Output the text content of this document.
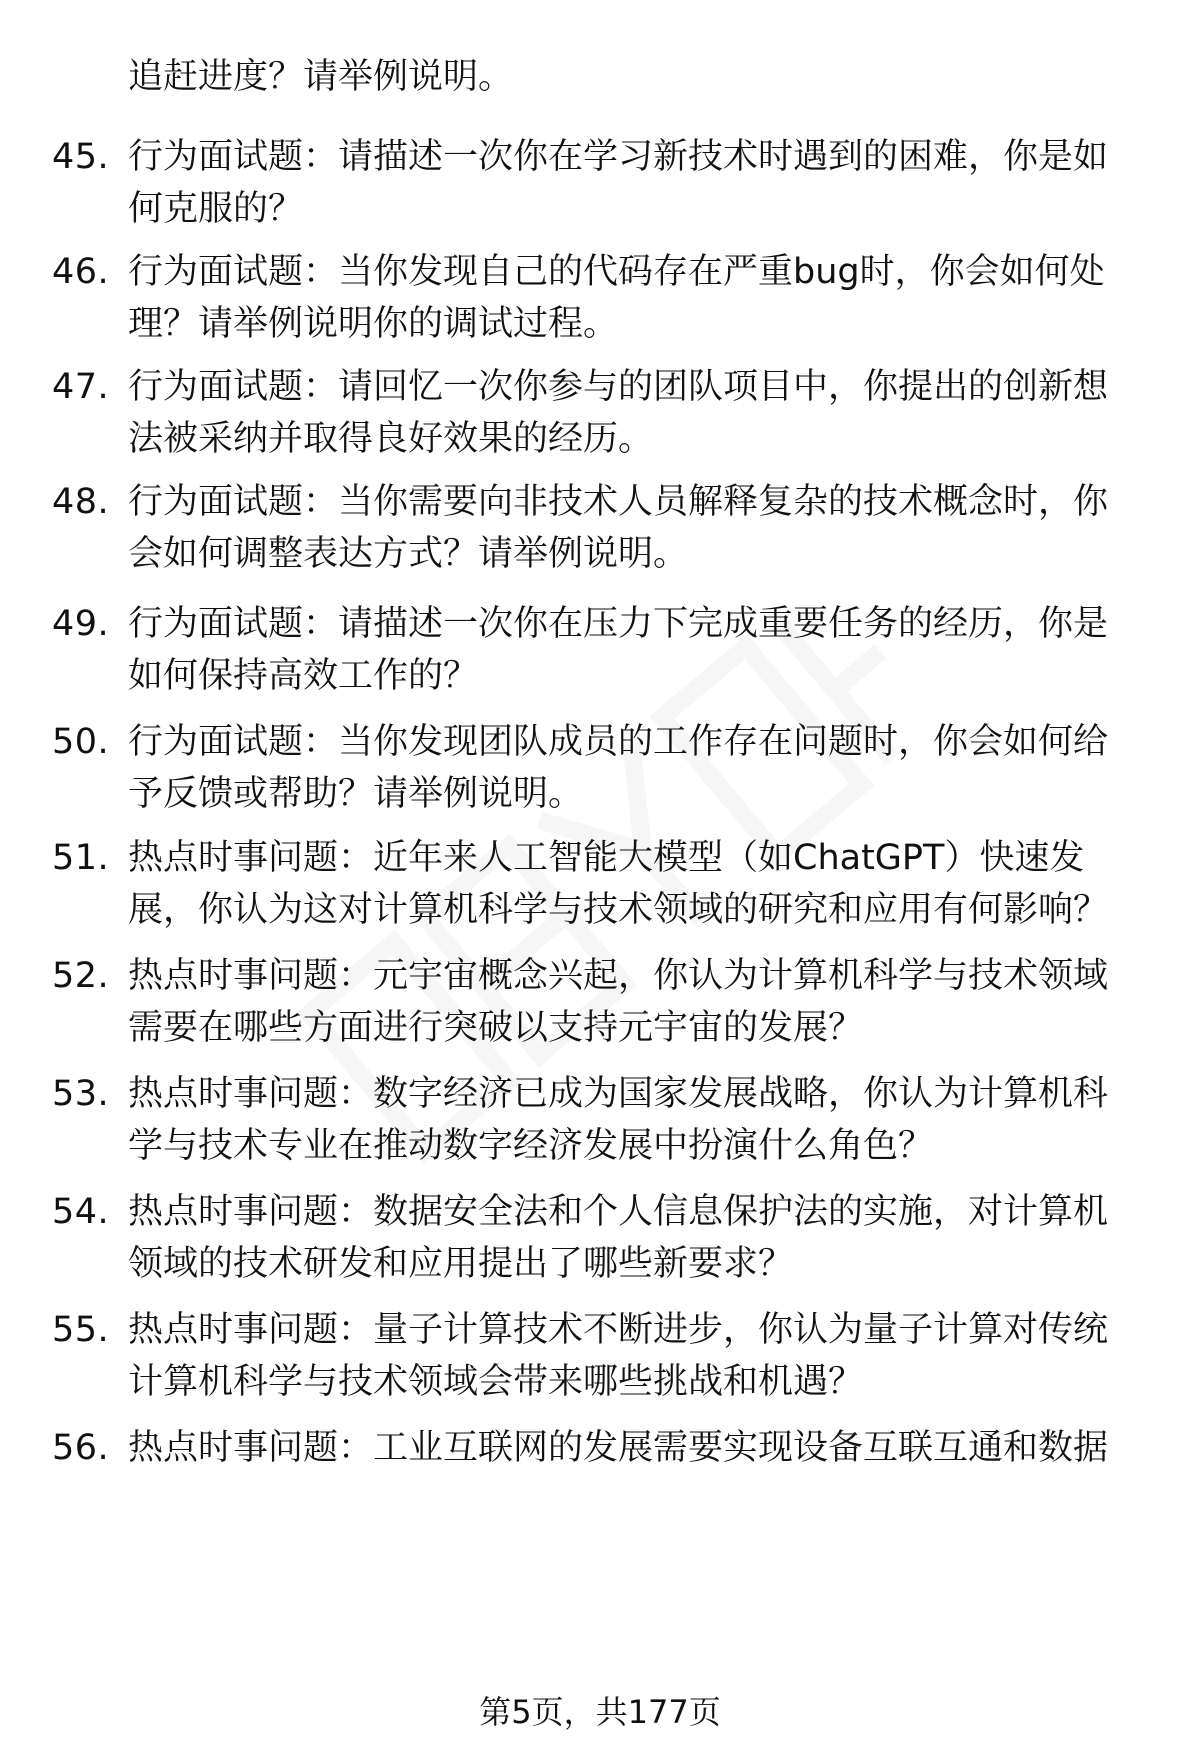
追赶进度？请举例说明。
45. 行为面试题：请描述一次你在学习新技术时遇到的困难，你是如
何克服的？
46. 行为面试题：当你发现自己的代码存在严重bug时，你会如何处
理？请举例说明你的调试过程。
47. 行为面试题：请回忆一次你参与的团队项目中，你提出的创新想
法被采纳并取得良好效果的经历。
48. 行为面试题：当你需要向非技术人员解释复杂的技术概念时，你
会如何调整表达方式？请举例说明。
49. 行为面试题：请描述一次你在压力下完成重要任务的经历，你是
如何保持高效工作的？
50. 行为面试题：当你发现团队成员的工作存在问题时，你会如何给
予反馈或帮助？请举例说明。
51. 热点时事问题：近年来人工智能大模型（如ChatGPT）快速发
展，你认为这对计算机科学与技术领域的研究和应用有何影响？
52. 热点时事问题：元宇宙概念兴起，你认为计算机科学与技术领域
需要在哪些方面进行突破以支持元宇宙的发展？
53. 热点时事问题：数字经济已成为国家发展战略，你认为计算机科
学与技术专业在推动数字经济发展中扮演什么角色？
54. 热点时事问题：数据安全法和个人信息保护法的实施，对计算机
领域的技术研发和应用提出了哪些新要求？
55. 热点时事问题：量子计算技术不断进步，你认为量子计算对传统
计算机科学与技术领域会带来哪些挑战和机遇？
56. 热点时事问题：工业互联网的发展需要实现设备互联互通和数据
第5页，共177页
